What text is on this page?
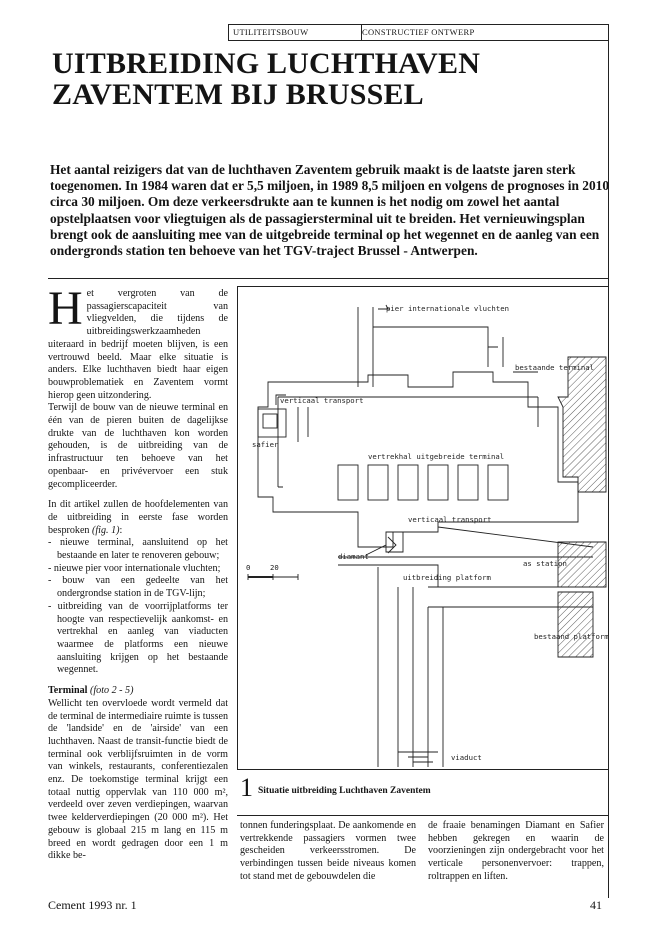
UTILITEITSBOUW	CONSTRUCTIEF ONTWERP
UITBREIDING LUCHTHAVEN
ZAVENTEM BIJ BRUSSEL
Het aantal reizigers dat van de luchthaven Zaventem gebruik maakt is de laatste jaren sterk toegenomen. In 1984 waren dat er 5,5 miljoen, in 1989 8,5 miljoen en volgens de prognoses in 2010 circa 30 miljoen. Om deze verkeersdrukte aan te kunnen is het nodig om zowel het aantal opstelplaatsen voor vliegtuigen als de passagiersterminal uit te breiden. Het vernieuwingsplan brengt ook de aansluiting mee van de uitgebreide terminal op het wegennet en de aanleg van een ondergronds station ten behoeve van het TGV-traject Brussel - Antwerpen.

Het vergroten van de passagierscapaciteit van vliegvelden, die tijdens de uitbreidingswerkzaamheden uiteraard in bedrijf moeten blijven, is een vertrouwd beeld. Maar elke situatie is anders. Elke luchthaven biedt haar eigen bouwproblematiek en Zaventem vormt hierop geen uitzondering.

Terwijl de bouw van de nieuwe terminal en één van de pieren buiten de dagelijkse drukte van de luchthaven kon worden gehouden, is de uitbreiding van de infrastructuur ten behoeve van het openbaar- en privévervoer een stuk gecompliceerder.

In dit artikel zullen de hoofdelementen van de uitbreiding in eerste fase worden besproken (fig. 1):

- nieuwe terminal, aansluitend op het bestaande en later te renoveren gebouw;
- nieuwe pier voor internationale vluchten;
- bouw van een gedeelte van het ondergrondse station in de TGV-lijn;
- uitbreiding van de voorrijplatforms ter hoogte van respectievelijk aankomst- en vertrekhal en aanleg van viaducten waarmee de platforms een nieuwe aansluiting krijgen op het bestaande wegennet.

Terminal (foto 2 - 5)
Wellicht ten overvloede wordt vermeld dat de terminal de intermediaire ruimte is tussen de 'landside' en de 'airside' van een luchthaven. Naast de transit-functie biedt de terminal ook verblijfsruimten in de vorm van winkels, restaurants, conferentiezalen enz. De toekomstige terminal krijgt een totaal nuttig oppervlak van 110 000 m², verdeeld over zeven verdiepingen, waarvan twee kelderverdiepingen (20 000 m²). Het gebouw is globaal 215 m lang en 115 m breed en wordt gedragen door een 1 m dikke be-

pier internationale vluchten
bestaande terminal
verticaal transport
safier
vertrekhal uitgebreide terminal
verticaal transport
diamant
as station
uitbreiding platform
bestaand platform
viaduct
0	20
1 Situatie uitbreiding Luchthaven Zaventem
tonnen funderingsplaat. De aankomende en vertrekkende passagiers vormen twee gescheiden verkeersstromen. De verbindingen tussen beide niveaus komen tot stand met de gebouwdelen die
de fraaie benamingen Diamant en Safier hebben gekregen en waarin de voorzieningen zijn ondergebracht voor het verticale personenvervoer: trappen, roltrappen en liften.
Cement 1993 nr. 1	41
